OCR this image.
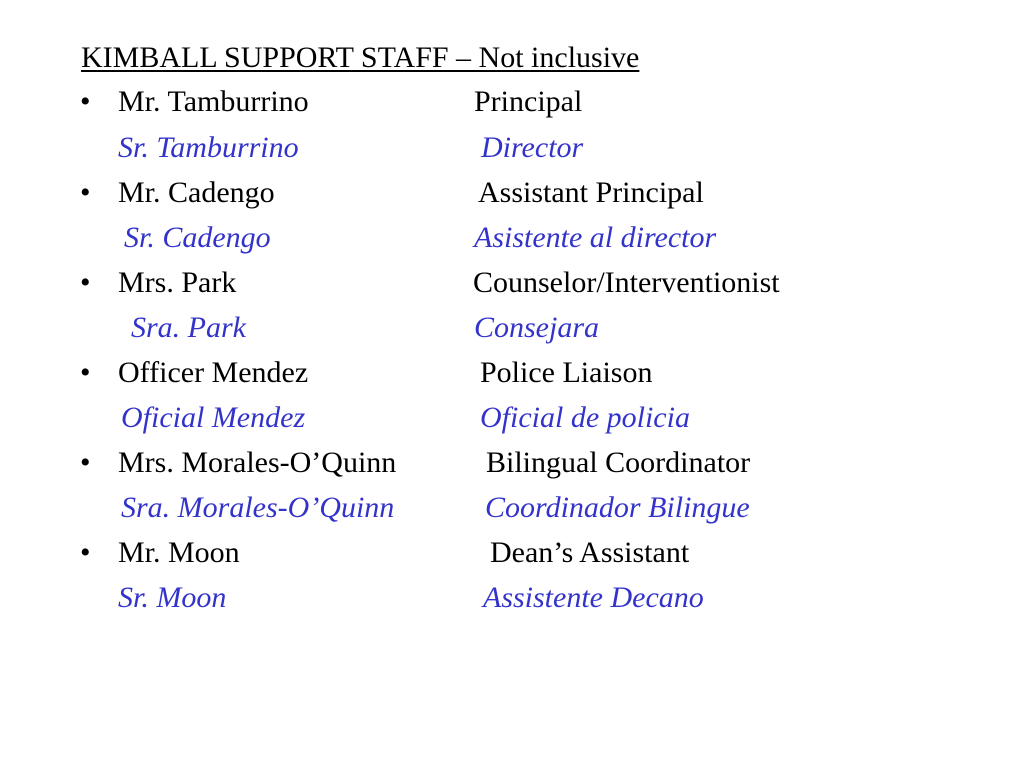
KIMBALL SUPPORT STAFF – Not inclusive
• Mr. Tamburrino	Principal
Sr. Tamburrino	Director
• Mr. Cadengo	Assistant Principal
Sr. Cadengo	Asistente al director
• Mrs. Park	Counselor/Interventionist
Sra. Park	Consejara
• Officer Mendez	Police Liaison
Oficial Mendez	Oficial de policia
• Mrs. Morales-O’Quinn	Bilingual Coordinator
Sra. Morales-O’Quinn	Coordinador Bilingue
• Mr. Moon	Dean’s Assistant
Sr. Moon	Assistente Decano
